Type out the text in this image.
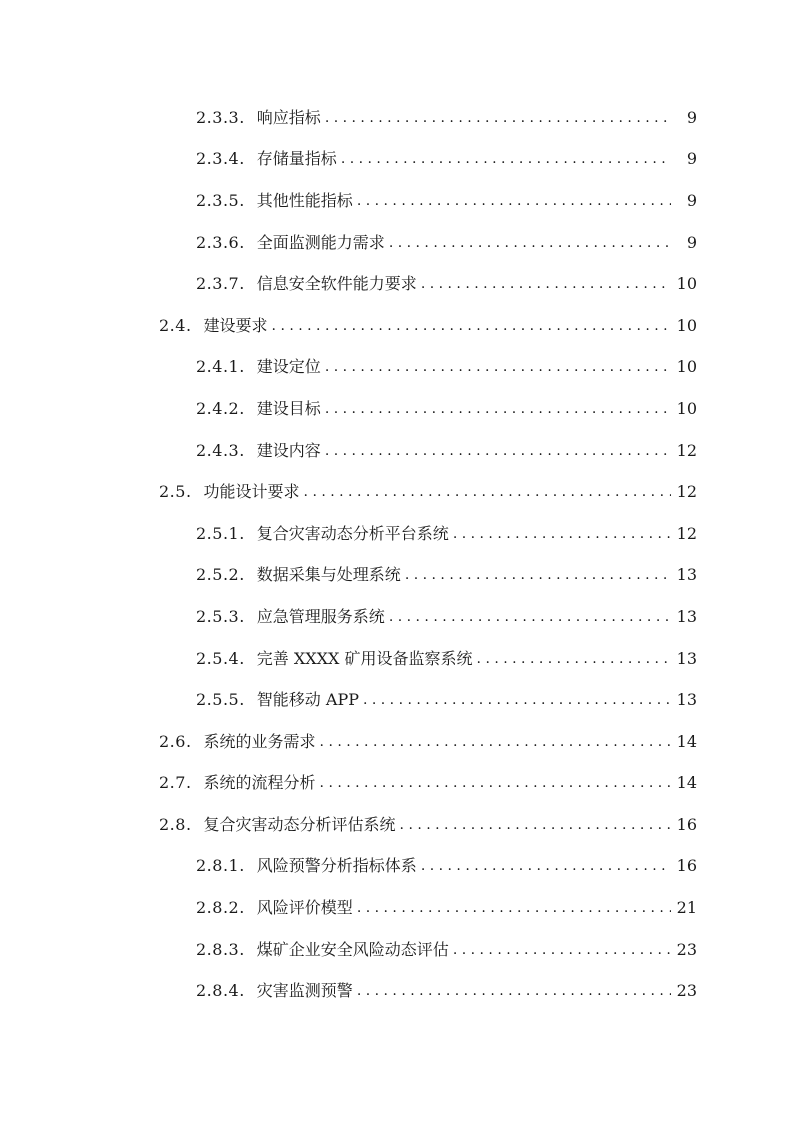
2.3.3. 响应指标 . . .	9
2.3.4. 存储量指标 . . .	9
2.3.5. 其他性能指标 . . .	9
2.3.6. 全面监测能力需求 . . .	9
2.3.7. 信息安全软件能力要求 . . .	10
2.4. 建设要求 . . .	10
2.4.1. 建设定位 . . .	10
2.4.2. 建设目标 . . .	10
2.4.3. 建设内容 . . .	12
2.5. 功能设计要求 . . .	12
2.5.1. 复合灾害动态分析平台系统 . . .	12
2.5.2. 数据采集与处理系统 . . .	13
2.5.3. 应急管理服务系统 . . .	13
2.5.4. 完善 XXXX 矿用设备监察系统 . . .	13
2.5.5. 智能移动 APP . . .	13
2.6. 系统的业务需求 . . .	14
2.7. 系统的流程分析 . . .	14
2.8. 复合灾害动态分析评估系统 . . .	16
2.8.1. 风险预警分析指标体系 . . .	16
2.8.2. 风险评价模型 . . .	21
2.8.3. 煤矿企业安全风险动态评估 . . .	23
2.8.4. 灾害监测预警 . . .	23
